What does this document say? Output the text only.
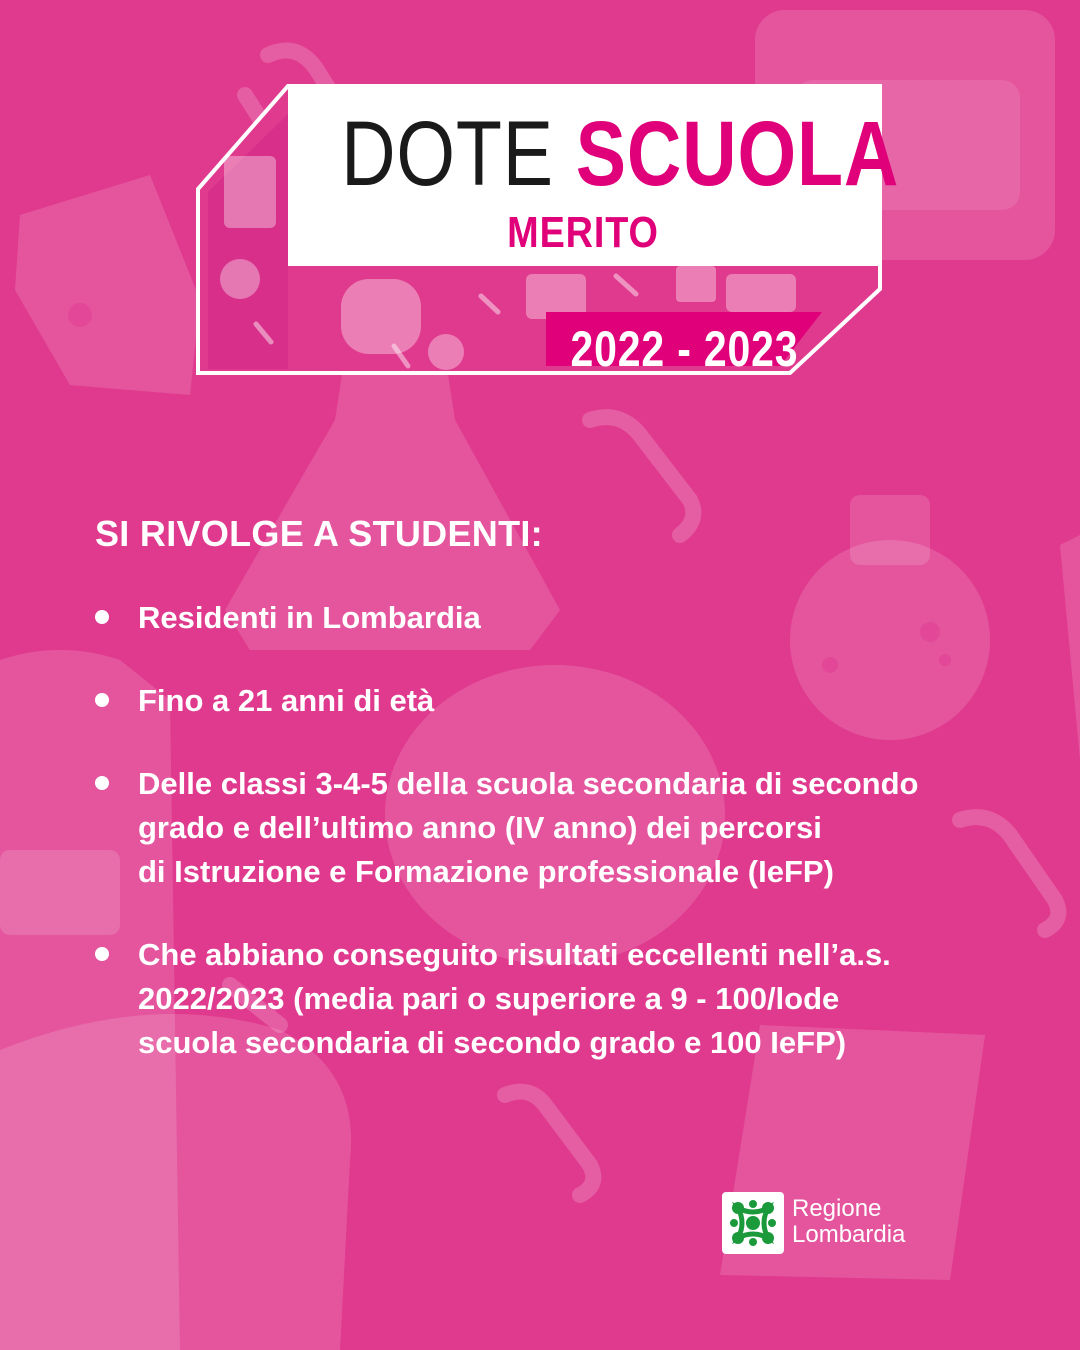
DOTE SCUOLA
MERITO
2022 - 2023
SI RIVOLGE A STUDENTI:
Residenti in Lombardia
Fino a 21 anni di età
Delle classi 3-4-5 della scuola secondaria di secondo
grado e dell’ultimo anno (IV anno) dei percorsi
di Istruzione e Formazione professionale (IeFP)
Che abbiano conseguito risultati eccellenti nell’a.s.
2022/2023 (media pari o superiore a 9 - 100/lode
scuola secondaria di secondo grado e 100 IeFP)
Regione
Lombardia
